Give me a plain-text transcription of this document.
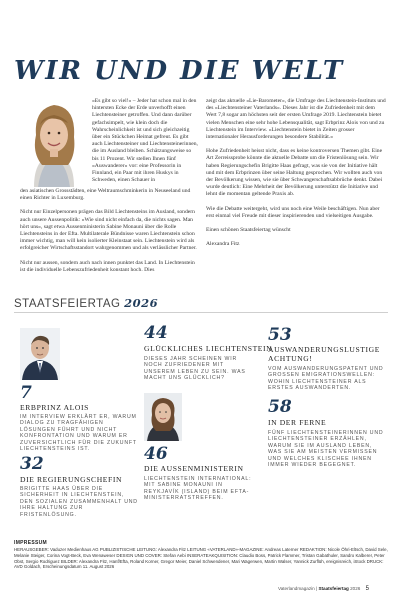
WIR UND DIE WELT

«Es gibt so viel!» – Jeder hat schon mal in den hintersten Ecke der Erde unverhofft einen Liechtensteiner getroffen. Und dann darüber gefachsimpelt, wie klein doch die Wahrscheinlichkeit ist und sich gleichzeitig über ein Stückchen Heimat gefreut. Es gibt auch Liechtensteiner und Liechtensteinerinnen, die im Ausland bleiben. Schätzungsweise so bis 11 Prozent. Wir stellen Ihnen fünf «Auswanderer» vor: eine Professorin in Finnland, ein Paar mit ihren Huskys in Schweden, einen Schauer in

den asiatischen Grossstädten, eine Weltraumschminkerin in Neuseeland und einen Richter in Luxemburg.

Nicht nur Einzelpersonen prägen das Bild Liechtensteins im Ausland, sondern auch unsere Aussenpolitik: «Wie sind nicht einfach da, die nichts sagen. Man hört uns», sagt etwa Aussenministerin Sabine Monauni über die Rolle Liechtensteins in der Efta. Multilaterale Bündnisse waren Liechtenstein schon immer wichtig, man will kein isolierter Kleinstaat sein. Liechtenstein wird als erfolgreicher Wirtschaftsstandort wahrgenommen und als verlässlicher Partner.

Nicht nur aussen, sondern auch nach innen punktet das Land. In Liechtenstein ist die individuelle Lebenszufriedenheit konstant hoch. Dies

zeigt das aktuelle «Lie-Barometer», die Umfrage des Liechtenstein-Instituts und des «Liechtensteiner Vaterlands». Dieses Jahr ist die Zufriedenheit mit dem Wert 7,8 sogar am höchsten seit der ersten Umfrage 2019. Liechtenstein bietet vielen Menschen eine sehr hohe Lebensqualität, sagt Erbprinz Alois von und zu Liechtenstein im Interview. «Liechtenstein bietet in Zeiten grosser internationaler Herausforderungen besondere Stabilität.»

Hohe Zufriedenheit heisst nicht, dass es keine kontroversen Themen gibt. Eine Art Zerreissprobe könnte die aktuelle Debatte um die Fristenlösung sein. Wir haben Regierungschefin Brigitte Haas gefragt, was sie von der Initiative hält und mit dem Erbprinzen über seine Haltung gesprochen. Wir wollten auch von der Bevölkerung wissen, wie sie über Schwangerschaftsabbrüche denkt. Dabei wurde deutlich: Eine Mehrheit der Bevölkerung unterstützt die Initiative und lehnt die momentan geltende Praxis ab.

Wie die Debatte weitergeht, wird uns noch eine Weile beschäftigen. Nun aber erst einmal viel Freude mit dieser inspirierenden und vielseitigen Ausgabe.

Einen schönen Staatsfeiertag wünscht

Alexandra Fitz

STAATSFEIERTAG 2026
7
ERBPRINZ ALOIS
IM INTERVIEW ERKLÄRT ER, WARUM DIALOG ZU TRAGFÄHIGEN LÖSUNGEN FÜHRT UND NICHT KONFRONTATION UND WARUM ER ZUVERSICHTLICH FÜR DIE ZUKUNFT LIECHTENSTEINS IST.
32
DIE REGIERUNGSCHEFIN
BRIGITTE HAAS ÜBER DIE SICHERHEIT IN LIECHTENSTEIN, DEN SOZIALEN ZUSAMMENHALT UND IHRE HALTUNG ZUR FRISTENLÖSUNG.
44
GLÜCKLICHES LIECHTENSTEIN
DIESES JAHR SCHEINEN WIR NOCH ZUFRIEDENER MIT UNSEREM LEBEN ZU SEIN. WAS MACHT UNS GLÜCKLICH?
46
DIE AUSSENMINISTERIN
LIECHTENSTEIN INTERNATIONAL: MIT SABINE MONAUNI IN REYKJAVÍK (ISLAND) BEIM EFTA-MINISTERRATSTREFFEN.
53
AUSWANDERUNGSLUSTIGE ACHTUNG!
VOM AUSWANDERUNGSPATENT UND GROSSEN EMIGRATIONSWELLEN: WOHIN LIECHTENSTEINER ALS ERSTES AUSWANDERTEN.
58
IN DER FERNE
FÜNF LIECHTENSTEINERINNEN UND LIECHTENSTEINER ERZÄHLEN, WARUM SIE IM AUSLAND LEBEN, WAS SIE AM MEISTEN VERMISSEN UND WELCHES KLISCHEE IHNEN IMMER WIEDER BEGEGNET.
IMPRESSUM
HERAUSGEBER: Vaduzer Medienhaus AG PUBLIZISTISCHE LEITUNG: Alexandra Fitz LEITUNG «VATERLAND»-MAGAZINE: Andreas Laterner REDAKTION: Nicole Öhri-Eltsch, David Sele, Melanie Steiger, Corina Vogt-Beck, Eva Wenaweser DESIGN UND COVER: Stefan Aebi INSERATEAKQUISITION: Claudio Boss, Patrick Flammer, Tristan Gabathuler, Sandro Kalberer, Peter Obst, Sergio Rodriguez BILDER: Alexandra Fitz, Hanf/Efta, Roland Korner, Gregor Meier, Daniel Schwendener, Mari Wagerwen, Martin Walser, Yannick Zurflüh, ereignisreich, iStock DRUCK: AVD Goldach, Erscheinungsdatum 11. August 2026
Vaterlandmagazin | Staatsfeiertag 2026 5
